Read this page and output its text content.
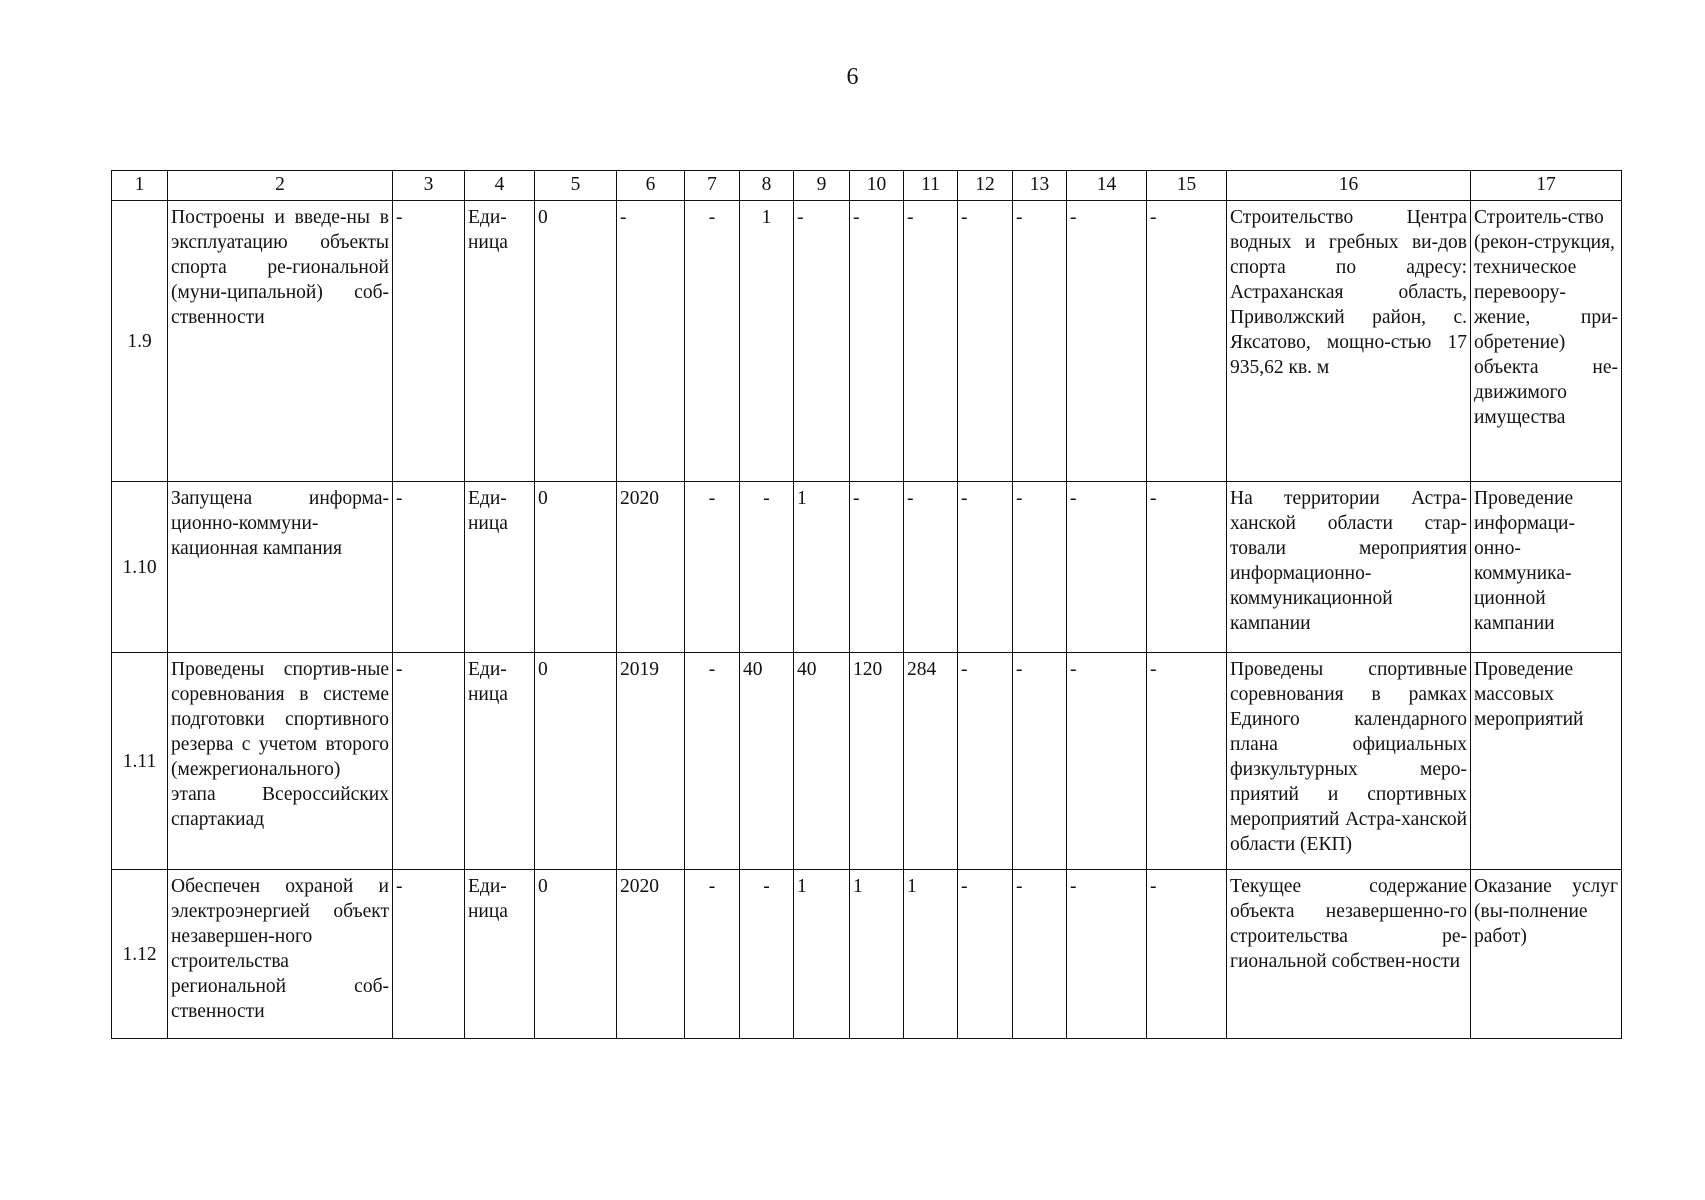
6
1	2	3	4	5	6	7	8	9	10	11	12	13	14	15	16	17
1.9	Построены и введе-ны в эксплуатацию объекты спорта ре-гиональной (муни-ципальной) соб-ственности	-	Еди-ница	0	-	-	1	-	-	-	-	-	-	-	Строительство Центра водных и гребных ви-дов спорта по адресу: Астраханская область, Приволжский район, с. Яксатово, мощно-стью 17 935,62 кв. м	Строитель-ство (рекон-струкция, техническое перевоору-жение, при-обретение) объекта не-движимого имущества
1.10	Запущена информа-ционно-коммуни-кационная кампания	-	Еди-ница	0	2020	-	-	1	-	-	-	-	-	-	На территории Астра-ханской области стар-товали мероприятия информационно-коммуникационной кампании	Проведение информаци-онно-коммуника-ционной кампании
1.11	Проведены спортив-ные соревнования в системе подготовки спортивного резерва с учетом второго (межрегионального) этапа Всероссийских спартакиад	-	Еди-ница	0	2019	-	40	40	120	284	-	-	-	-	Проведены спортивные соревнования в рамках Единого календарного плана официальных физкультурных меро-приятий и спортивных мероприятий Астра-ханской области (ЕКП)	Проведение массовых мероприятий
1.12	Обеспечен охраной и электроэнергией объект незавершен-ного строительства региональной соб-ственности	-	Еди-ница	0	2020	-	-	1	1	1	-	-	-	-	Текущее содержание объекта незавершенно-го строительства ре-гиональной собствен-ности	Оказание услуг (вы-полнение работ)
